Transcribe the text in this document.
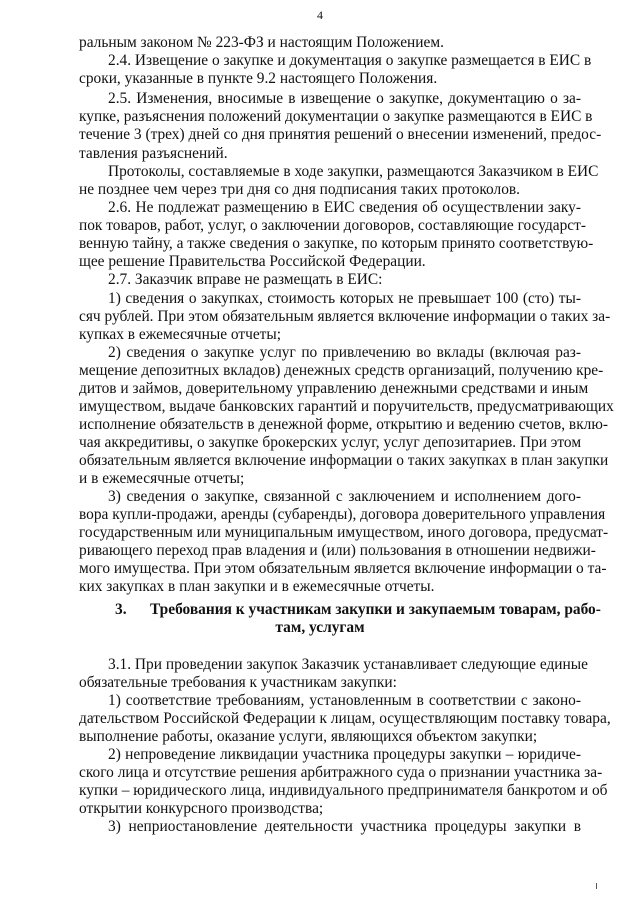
4
ральным законом № 223-ФЗ и настоящим Положением.
2.4. Извещение о закупке и документация о закупке размещается в ЕИС в
сроки, указанные в пункте 9.2 настоящего Положения.
2.5. Изменения, вносимые в извещение о закупке, документацию о за-
купке, разъяснения положений документации о закупке размещаются в ЕИС в
течение 3 (трех) дней со дня принятия решений о внесении изменений, предос-
тавления разъяснений.
Протоколы, составляемые в ходе закупки, размещаются Заказчиком в ЕИС
не позднее чем через три дня со дня подписания таких протоколов.
2.6. Не подлежат размещению в ЕИС сведения об осуществлении заку-
пок товаров, работ, услуг, о заключении договоров, составляющие государст-
венную тайну, а также сведения о закупке, по которым принято соответствую-
щее решение Правительства Российской Федерации.
2.7. Заказчик вправе не размещать в ЕИС:
1) сведения о закупках, стоимость которых не превышает 100 (сто) ты-
сяч рублей. При этом обязательным является включение информации о таких за-
купках в ежемесячные отчеты;
2) сведения о закупке услуг по привлечению во вклады (включая раз-
мещение депозитных вкладов) денежных средств организаций, получению кре-
дитов и займов, доверительному управлению денежными средствами и иным
имуществом, выдаче банковских гарантий и поручительств, предусматривающих
исполнение обязательств в денежной форме, открытию и ведению счетов, вклю-
чая аккредитивы, о закупке брокерских услуг, услуг депозитариев. При этом
обязательным является включение информации о таких закупках в план закупки
и в ежемесячные отчеты;
3) сведения о закупке, связанной с заключением и исполнением дого-
вора купли-продажи, аренды (субаренды), договора доверительного управления
государственным или муниципальным имуществом, иного договора, предусмат-
ривающего переход прав владения и (или) пользования в отношении недвижи-
мого имущества. При этом обязательным является включение информации о та-
ких закупках в план закупки и в ежемесячные отчеты.
3. Требования к участникам закупки и закупаемым товарам, рабо-
там, услугам
3.1. При проведении закупок Заказчик устанавливает следующие единые
обязательные требования к участникам закупки:
1) соответствие требованиям, установленным в соответствии с законо-
дательством Российской Федерации к лицам, осуществляющим поставку товара,
выполнение работы, оказание услуги, являющихся объектом закупки;
2) непроведение ликвидации участника процедуры закупки – юридиче-
ского лица и отсутствие решения арбитражного суда о признании участника за-
купки – юридического лица, индивидуального предпринимателя банкротом и об
открытии конкурсного производства;
3) неприостановление деятельности участника процедуры закупки в
